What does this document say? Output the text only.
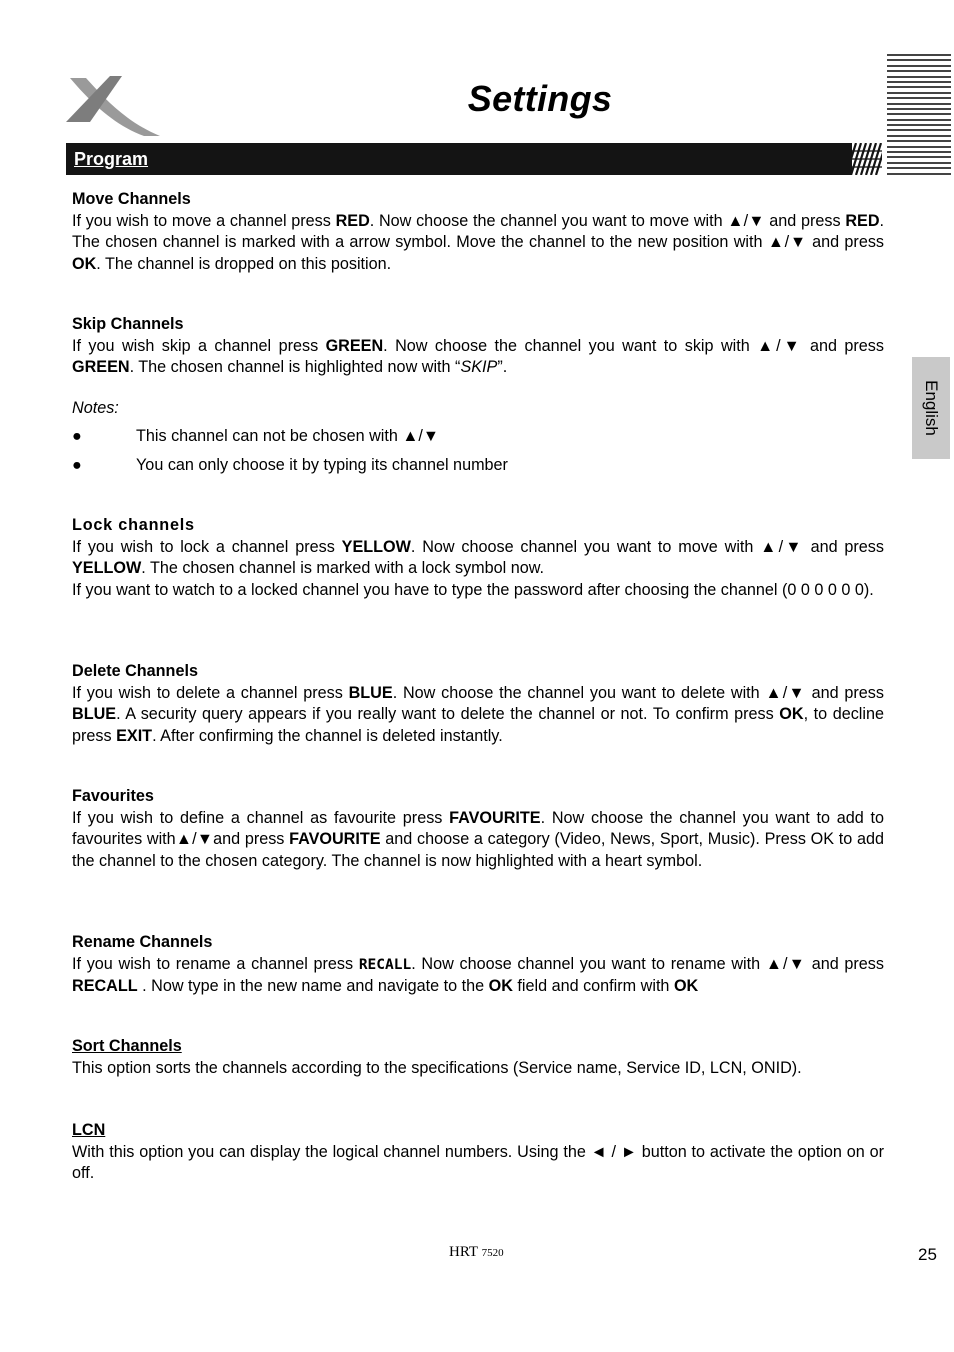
Settings
Program
English
Move Channels
If you wish to move a channel press RED. Now choose the channel you want to move with ▲/▼ and press RED. The chosen channel is marked with a arrow symbol. Move the channel to the new position with ▲/▼ and press OK. The channel is dropped on this position.
Skip Channels
If you wish skip a channel press GREEN. Now choose the channel you want to skip with ▲/▼ and press GREEN. The chosen channel is highlighted now with “SKIP”.
Notes:
●	This channel can not be chosen with ▲/▼
●	You can only choose it by typing its channel number
Lock channels
If you wish to lock a channel press YELLOW. Now choose channel you want to move with ▲/▼ and press YELLOW. The chosen channel is marked with a lock symbol now.
If you want to watch to a locked channel you have to type the password after choosing the channel (0 0 0 0 0 0).
Delete Channels
If you wish to delete a channel press BLUE. Now choose the channel you want to delete with ▲/▼ and press BLUE. A security query appears if you really want to delete the channel or not. To confirm press OK, to decline press EXIT. After confirming the channel is deleted instantly.
Favourites
If you wish to define a channel as favourite press FAVOURITE. Now choose the channel you want to add to favourites with▲/▼and press FAVOURITE and choose a category (Video, News, Sport, Music). Press OK to add the channel to the chosen category. The channel is now highlighted with a heart symbol.
Rename Channels
If you wish to rename a channel press RECALL. Now choose channel you want to rename with ▲/▼ and press RECALL . Now type in the new name and navigate to the OK field and confirm with OK
Sort Channels
This option sorts the channels according to the specifications (Service name, Service ID, LCN, ONID).
LCN
With this option you can display the logical channel numbers. Using the ◄ / ► button to activate the option on or off.
HRT 7520	25
